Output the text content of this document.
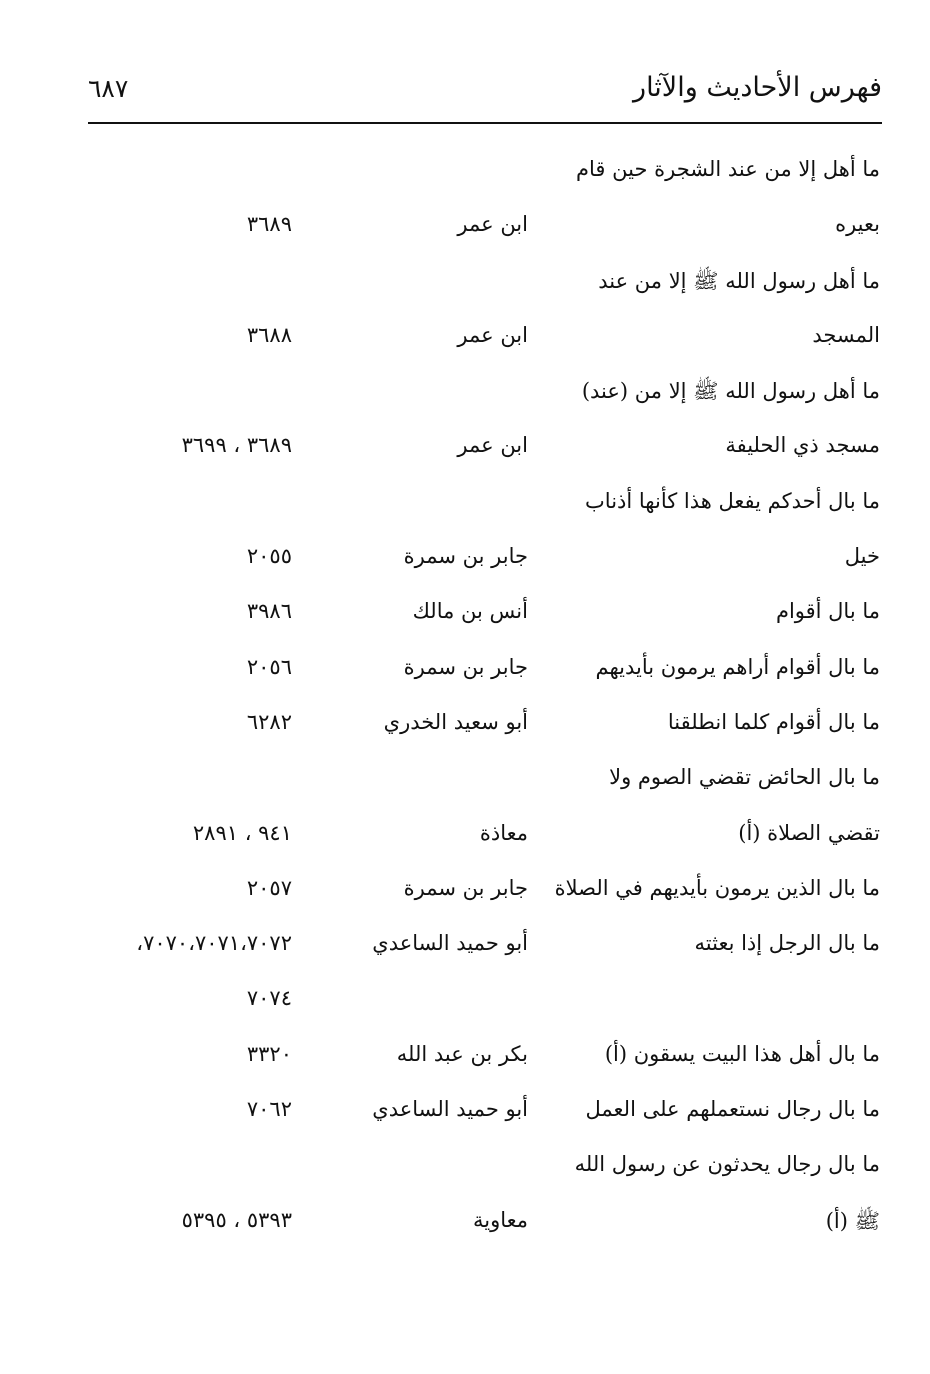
فهرس الأحاديث والآثار
٦٨٧
ما أهل إلا من عند الشجرة حين قام
بعيره
ابن عمر
٣٦٨٩
ما أهل رسول الله ﷺ إلا من عند
المسجد
ابن عمر
٣٦٨٨
ما أهل رسول الله ﷺ إلا من (عند)
مسجد ذي الحليفة
ابن عمر
٣٦٨٩ ، ٣٦٩٩
ما بال أحدكم يفعل هذا كأنها أذناب
خيل
جابر بن سمرة
٢٠٥٥
ما بال أقوام
أنس بن مالك
٣٩٨٦
ما بال أقوام أراهم يرمون بأيديهم
جابر بن سمرة
٢٠٥٦
ما بال أقوام كلما انطلقنا
أبو سعيد الخدري
٦٢٨٢
ما بال الحائض تقضي الصوم ولا
تقضي الصلاة (أ)
معاذة
٩٤١ ، ٢٨٩١
ما بال الذين يرمون بأيديهم في الصلاة
جابر بن سمرة
٢٠٥٧
ما بال الرجل إذا بعثته
أبو حميد الساعدي
٧٠٧٠،٧٠٧١،٧٠٧٢،
٧٠٧٤
ما بال أهل هذا البيت يسقون (أ)
بكر بن عبد الله
٣٣٢٠
ما بال رجال نستعملهم على العمل
أبو حميد الساعدي
٧٠٦٢
ما بال رجال يحدثون عن رسول الله
ﷺ (أ)
معاوية
٥٣٩٣ ، ٥٣٩٥
